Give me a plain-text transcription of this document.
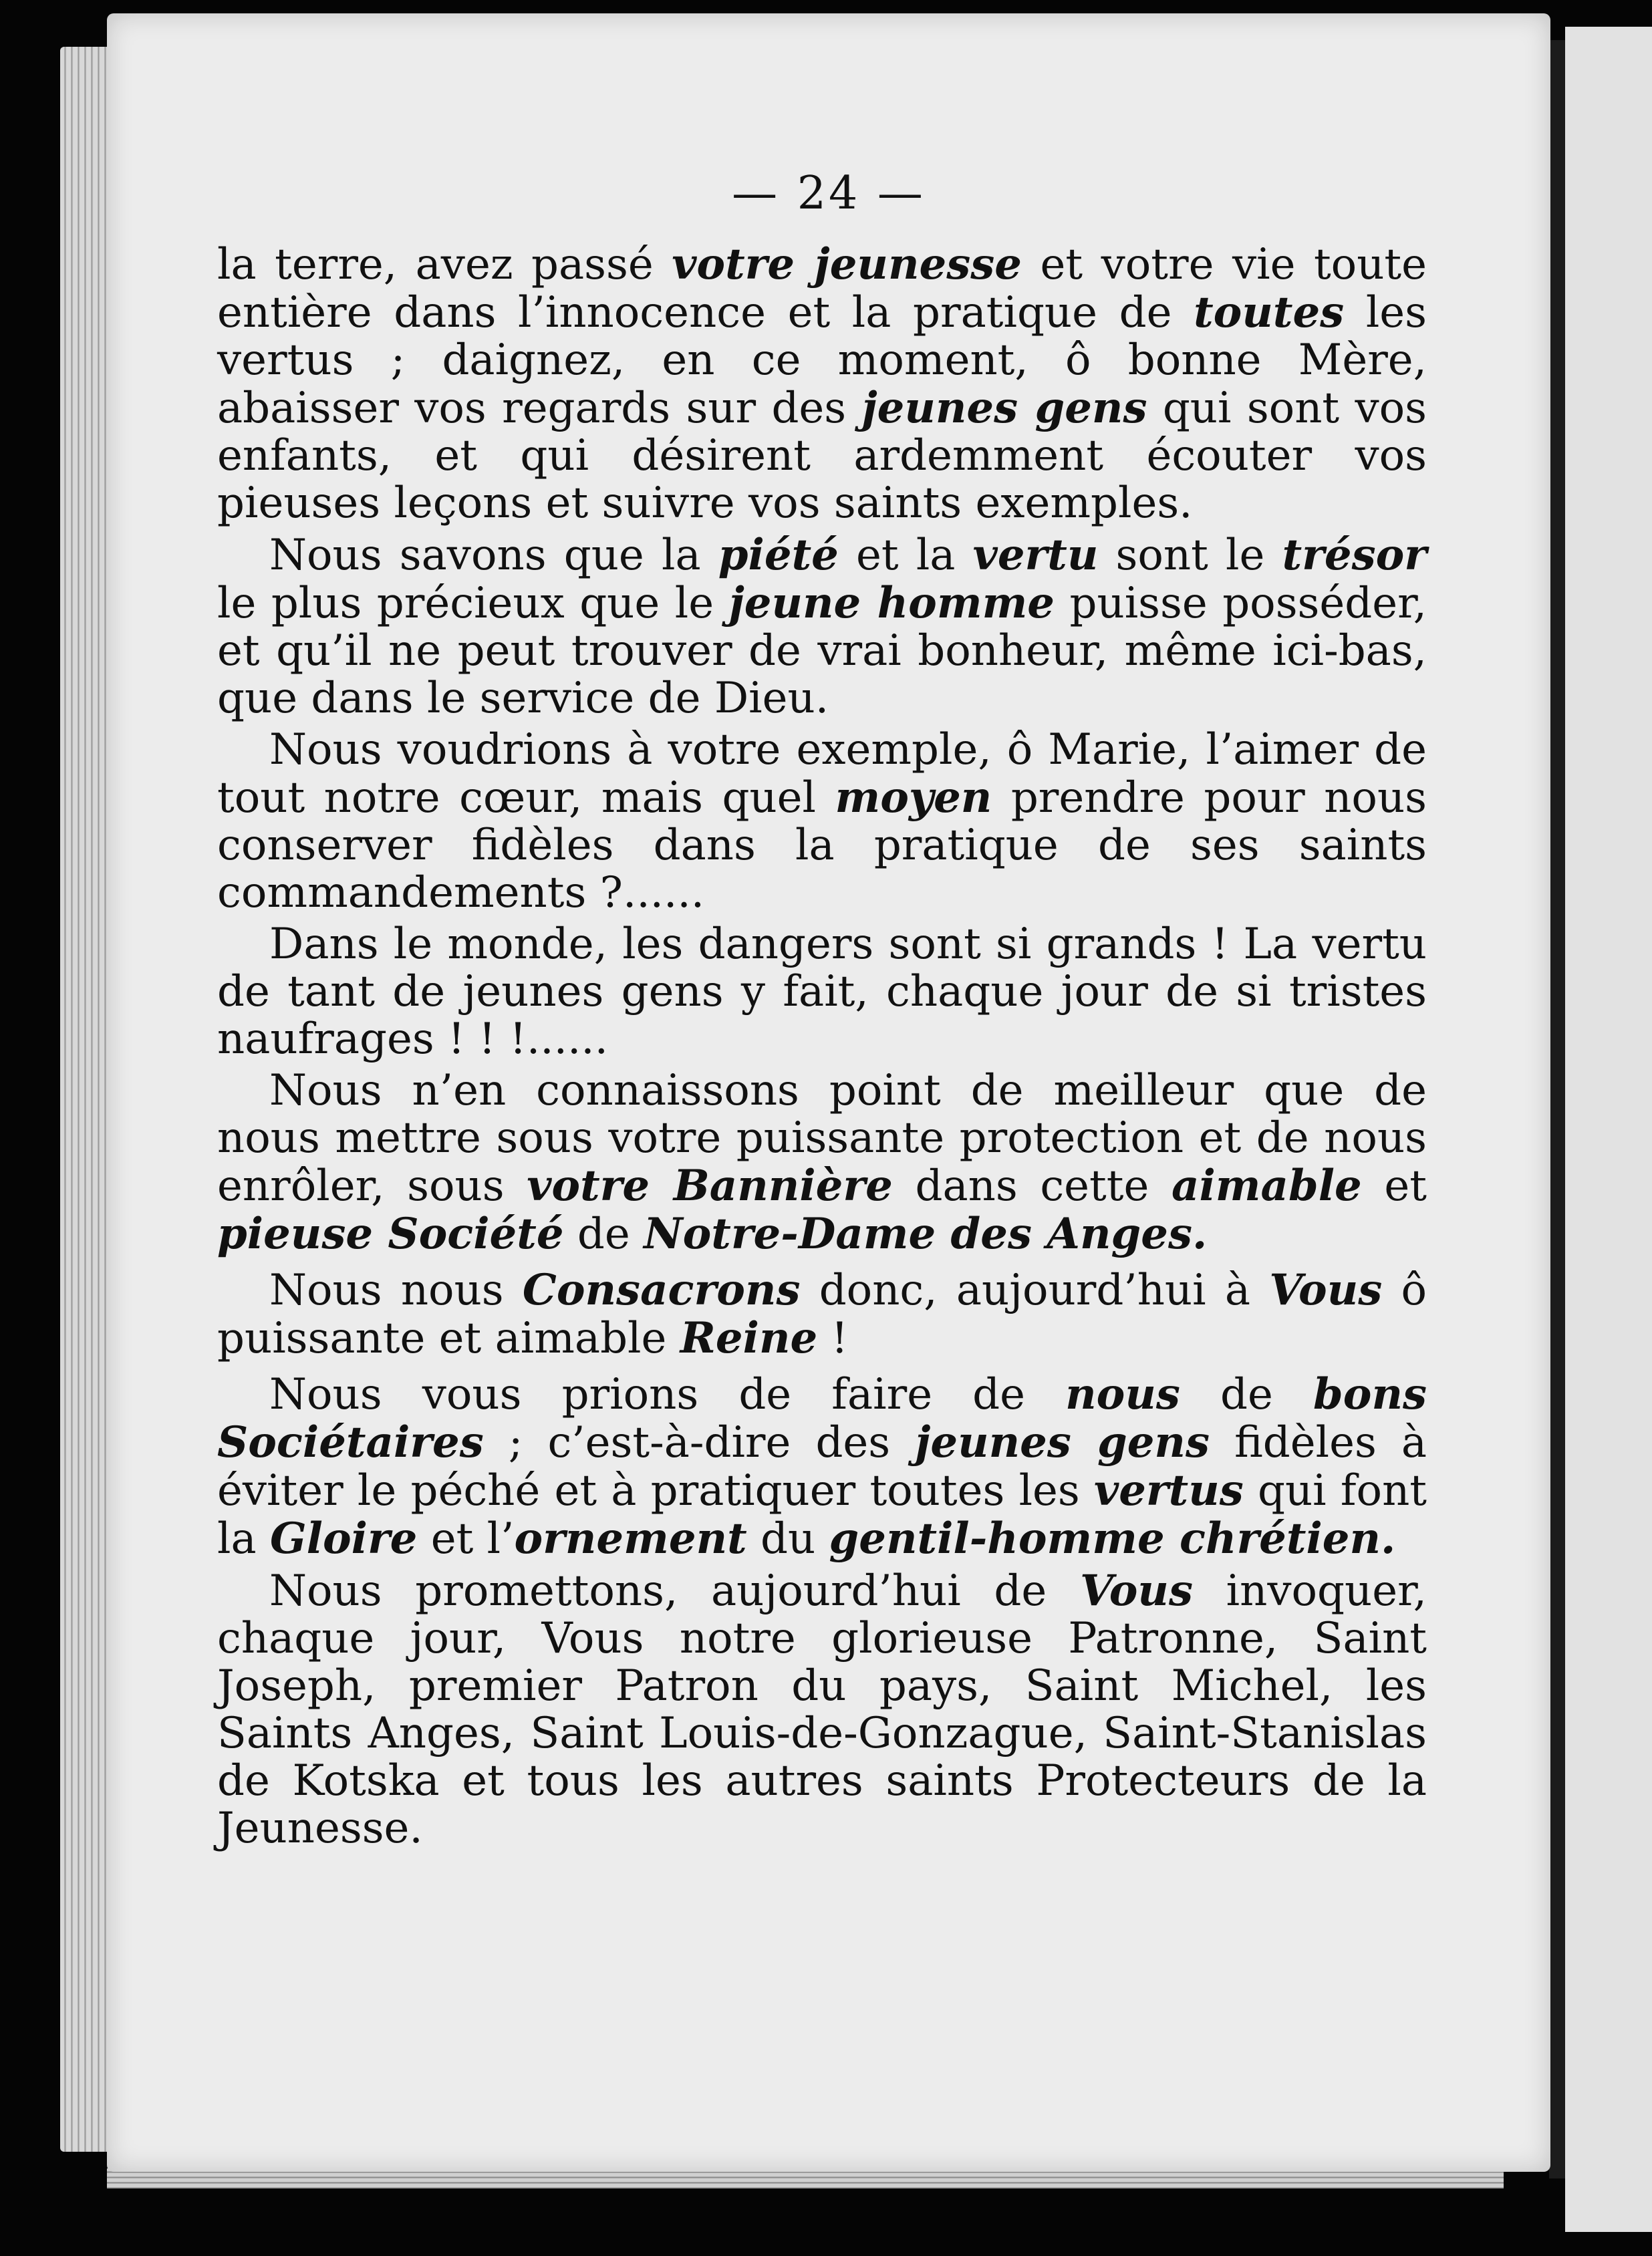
— 24 —

la terre, avez passé votre jeunesse et votre vie toute entière dans l’innocence et la pratique de toutes les vertus ; daignez, en ce moment, ô bonne Mère, abaisser vos regards sur des jeunes gens qui sont vos enfants, et qui désirent ardemment écouter vos pieuses leçons et suivre vos saints exemples.

Nous savons que la piété et la vertu sont le trésor le plus précieux que le jeune homme puisse posséder, et qu’il ne peut trouver de vrai bonheur, même ici-bas, que dans le service de Dieu.

Nous voudrions à votre exemple, ô Marie, l’aimer de tout notre cœur, mais quel moyen prendre pour nous conserver fidèles dans la pratique de ses saints commandements ?......

Dans le monde, les dangers sont si grands ! La vertu de tant de jeunes gens y fait, chaque jour de si tristes naufrages ! ! !......

Nous n’en connaissons point de meilleur que de nous mettre sous votre puissante protection et de nous enrôler, sous votre Bannière dans cette aimable et pieuse Société de Notre-Dame des Anges.

Nous nous Consacrons donc, aujourd’hui à Vous ô puissante et aimable Reine !

Nous vous prions de faire de nous de bons Sociétaires ; c’est-à-dire des jeunes gens fidèles à éviter le péché et à pratiquer toutes les vertus qui font la Gloire et l’ornement du gentil-homme chrétien.

Nous promettons, aujourd’hui de Vous invoquer, chaque jour, Vous notre glorieuse Patronne, Saint Joseph, premier Patron du pays, Saint Michel, les Saints Anges, Saint Louis-de-Gonzague, Saint-Stanislas de Kotska et tous les autres saints Protecteurs de la Jeunesse.
